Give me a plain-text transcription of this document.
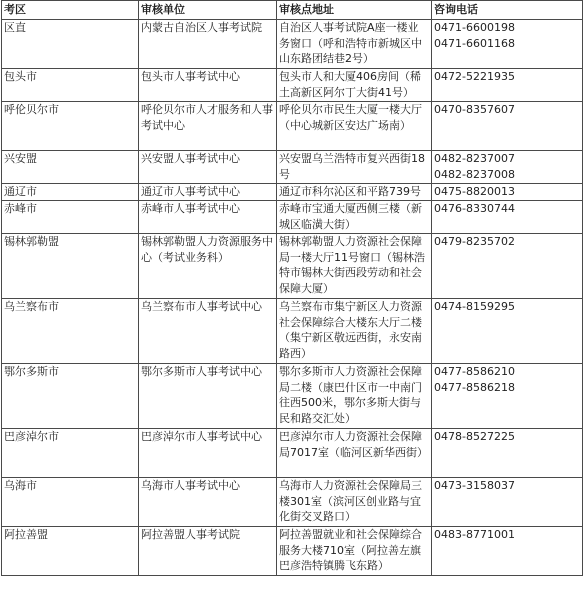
考区	审核单位	审核点地址	咨询电话
区直	内蒙古自治区人事考试院	自治区人事考试院A座一楼业务窗口（呼和浩特市新城区中山东路团结巷2号）	0471-6600198
0471-6601168

包头市	包头市人事考试中心	包头市人和大厦406房间（稀土高新区阿尔丁大街41号）	0472-5221935

呼伦贝尔市	呼伦贝尔市人才服务和人事考试中心	呼伦贝尔市民生大厦一楼大厅（中心城新区安达广场南）	0470-8357607

兴安盟	兴安盟人事考试中心	兴安盟乌兰浩特市复兴西街18号	0482-8237007
0482-8237008

通辽市	通辽市人事考试中心	通辽市科尔沁区和平路739号	0475-8820013

赤峰市	赤峰市人事考试中心	赤峰市宝通大厦西侧三楼（新城区临潢大街）	0476-8330744

锡林郭勒盟	锡林郭勒盟人力资源服务中心（考试业务科）	锡林郭勒盟人力资源社会保障局一楼大厅11号窗口（锡林浩特市锡林大街西段劳动和社会保障大厦）	0479-8235702

乌兰察布市	乌兰察布市人事考试中心	乌兰察布市集宁新区人力资源社会保障综合大楼东大厅二楼（集宁新区敬远西街，永安南路西）	0474-8159295

鄂尔多斯市	鄂尔多斯市人事考试中心	鄂尔多斯市人力资源社会保障局二楼（康巴什区市一中南门往西500米，鄂尔多斯大街与民和路交汇处）	0477-8586210
0477-8586218

巴彦淖尔市	巴彦淖尔市人事考试中心	巴彦淖尔市人力资源社会保障局7017室（临河区新华西街）	0478-8527225

乌海市	乌海市人事考试中心	乌海市人力资源社会保障局三楼301室（滨河区创业路与宜化街交叉路口）	0473-3158037

阿拉善盟	阿拉善盟人事考试院	阿拉善盟就业和社会保障综合服务大楼710室（阿拉善左旗巴彦浩特镇腾飞东路）	0483-8771001
